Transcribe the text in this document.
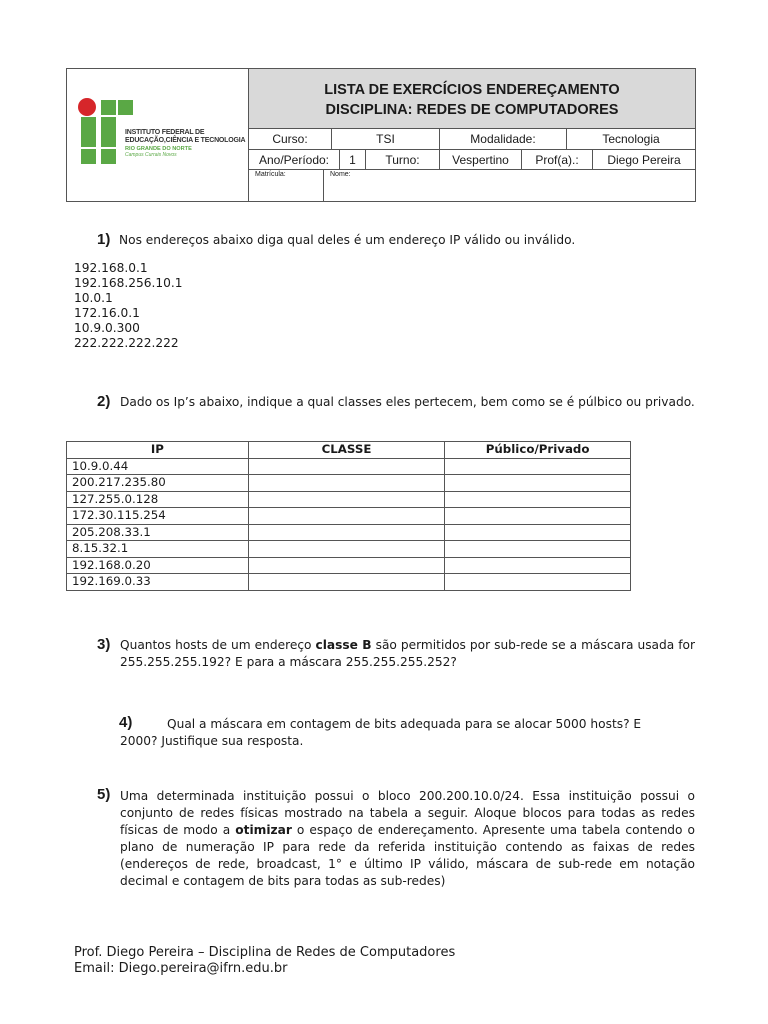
INSTITUTO FEDERAL DE
EDUCAÇÃO,CIÊNCIA E TECNOLOGIA
RIO GRANDE DO NORTE
Campus Currais Novos
LISTA DE EXERCÍCIOS ENDEREÇAMENTO
DISCIPLINA: REDES DE COMPUTADORES
Curso:	TSI	Modalidade:	Tecnologia
Ano/Período:	1	Turno:	Vespertino	Prof(a).:	Diego Pereira
Matrícula:	Nome:
1) Nos endereços abaixo diga qual deles é um endereço IP válido ou inválido.
192.168.0.1
192.168.256.10.1
10.0.1
172.16.0.1
10.9.0.300
222.222.222.222
2) Dado os Ip’s abaixo, indique a qual classes eles pertecem, bem como se é púlbico ou privado.
IP	CLASSE	Público/Privado
10.9.0.44		
200.217.235.80		
127.255.0.128		
172.30.115.254		
205.208.33.1		
8.15.32.1		
192.168.0.20		
192.169.0.33		
3) Quantos hosts de um endereço classe B são permitidos por sub-rede se a máscara usada for 255.255.255.192? E para a máscara 255.255.255.252?
4)	Qual a máscara em contagem de bits adequada para se alocar 5000 hosts? E 2000? Justifique sua resposta.
5) Uma determinada instituição possui o bloco 200.200.10.0/24. Essa instituição possui o conjunto de redes físicas mostrado na tabela a seguir. Aloque blocos para todas as redes físicas de modo a otimizar o espaço de endereçamento. Apresente uma tabela contendo o plano de numeração IP para rede da referida instituição contendo as faixas de redes (endereços de rede, broadcast, 1° e último IP válido, máscara de sub-rede em notação decimal e contagem de bits para todas as sub-redes)
Prof. Diego Pereira – Disciplina de Redes de Computadores
Email: Diego.pereira@ifrn.edu.br
